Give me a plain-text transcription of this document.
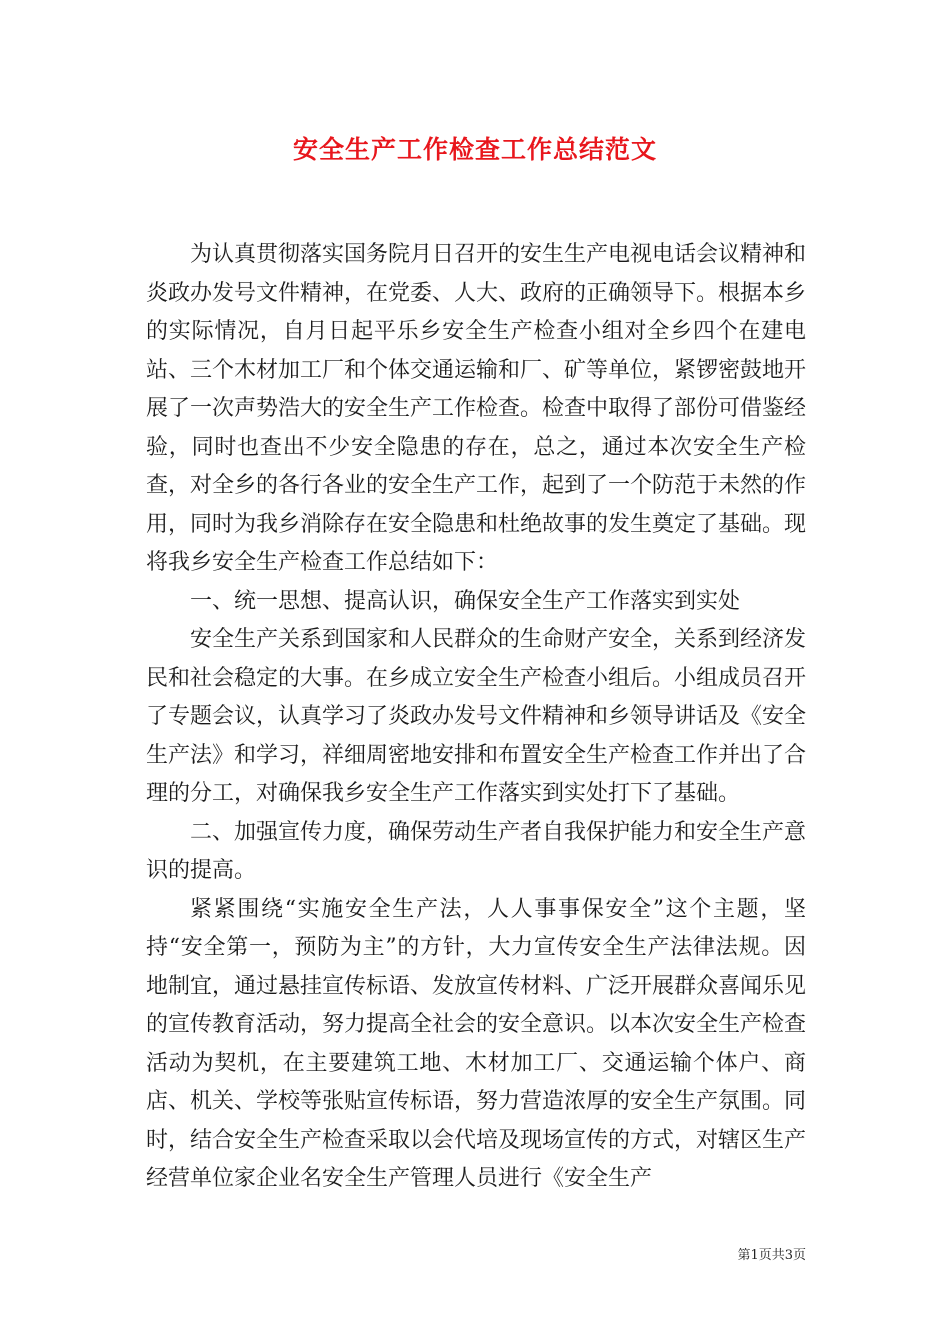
安全生产工作检查工作总结范文

为认真贯彻落实国务院月日召开的安生生产电视电话会议精神和炎政办发号文件精神，在党委、人大、政府的正确领导下。根据本乡的实际情况，自月日起平乐乡安全生产检查小组对全乡四个在建电站、三个木材加工厂和个体交通运输和厂、矿等单位，紧锣密鼓地开展了一次声势浩大的安全生产工作检查。检查中取得了部份可借鉴经验，同时也查出不少安全隐患的存在，总之，通过本次安全生产检查，对全乡的各行各业的安全生产工作，起到了一个防范于未然的作用，同时为我乡消除存在安全隐患和杜绝故事的发生奠定了基础。现将我乡安全生产检查工作总结如下：

一、统一思想、提高认识，确保安全生产工作落实到实处

安全生产关系到国家和人民群众的生命财产安全，关系到经济发民和社会稳定的大事。在乡成立安全生产检查小组后。小组成员召开了专题会议，认真学习了炎政办发号文件精神和乡领导讲话及《安全生产法》和学习，祥细周密地安排和布置安全生产检查工作并出了合理的分工，对确保我乡安全生产工作落实到实处打下了基础。

二、加强宣传力度，确保劳动生产者自我保护能力和安全生产意识的提高。

紧紧围绕“实施安全生产法，人人事事保安全”这个主题，坚持“安全第一，预防为主”的方针，大力宣传安全生产法律法规。因地制宜，通过悬挂宣传标语、发放宣传材料、广泛开展群众喜闻乐见的宣传教育活动，努力提高全社会的安全意识。以本次安全生产检查活动为契机，在主要建筑工地、木材加工厂、交通运输个体户、商店、机关、学校等张贴宣传标语，努力营造浓厚的安全生产氛围。同时，结合安全生产检查采取以会代培及现场宣传的方式，对辖区生产经营单位家企业名安全生产管理人员进行《安全生产

第1页共3页
